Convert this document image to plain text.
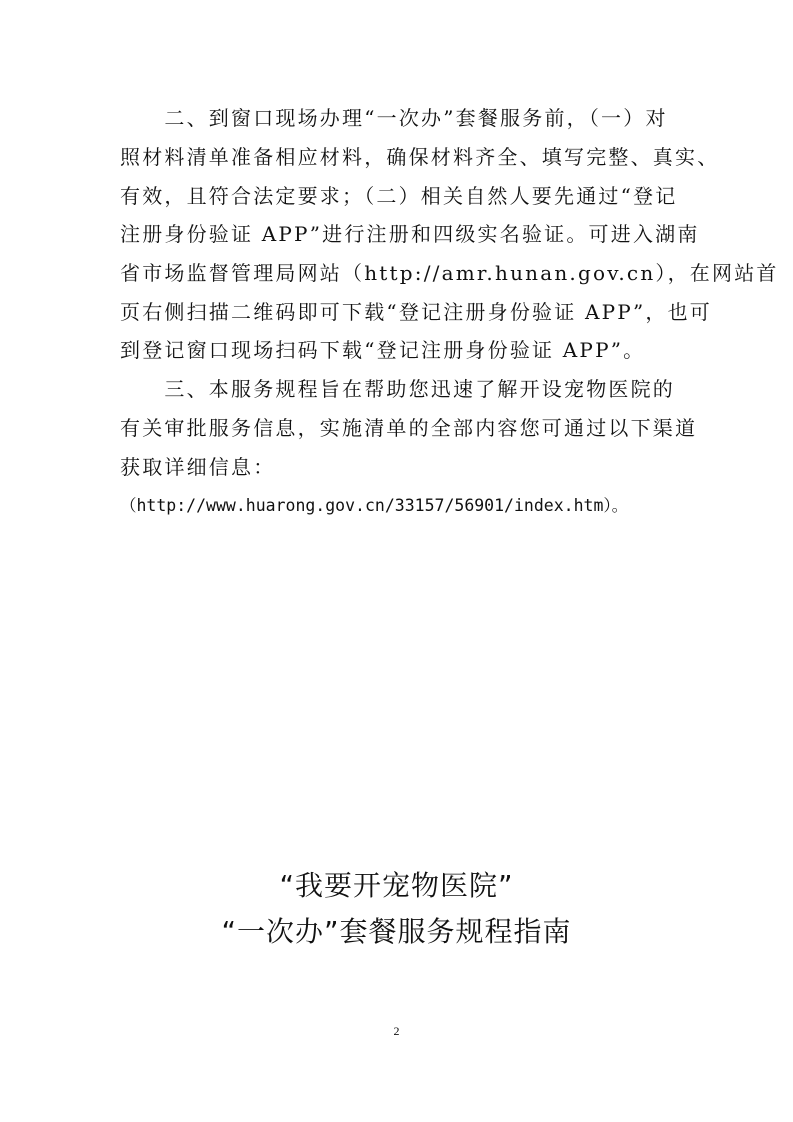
　　二、到窗口现场办理“一次办”套餐服务前，（一）对
照材料清单准备相应材料，确保材料齐全、填写完整、真实、
有效，且符合法定要求；（二）相关自然人要先通过“登记
注册身份验证 APP”进行注册和四级实名验证。可进入湖南
省市场监督管理局网站（http://amr.hunan.gov.cn），在网站首
页右侧扫描二维码即可下载“登记注册身份验证 APP”，也可
到登记窗口现场扫码下载“登记注册身份验证 APP”。
　　三、本服务规程旨在帮助您迅速了解开设宠物医院的
有关审批服务信息，实施清单的全部内容您可通过以下渠道
获取详细信息：
（http://www.huarong.gov.cn/33157/56901/index.htm）。
“我要开宠物医院”
“一次办”套餐服务规程指南
2
